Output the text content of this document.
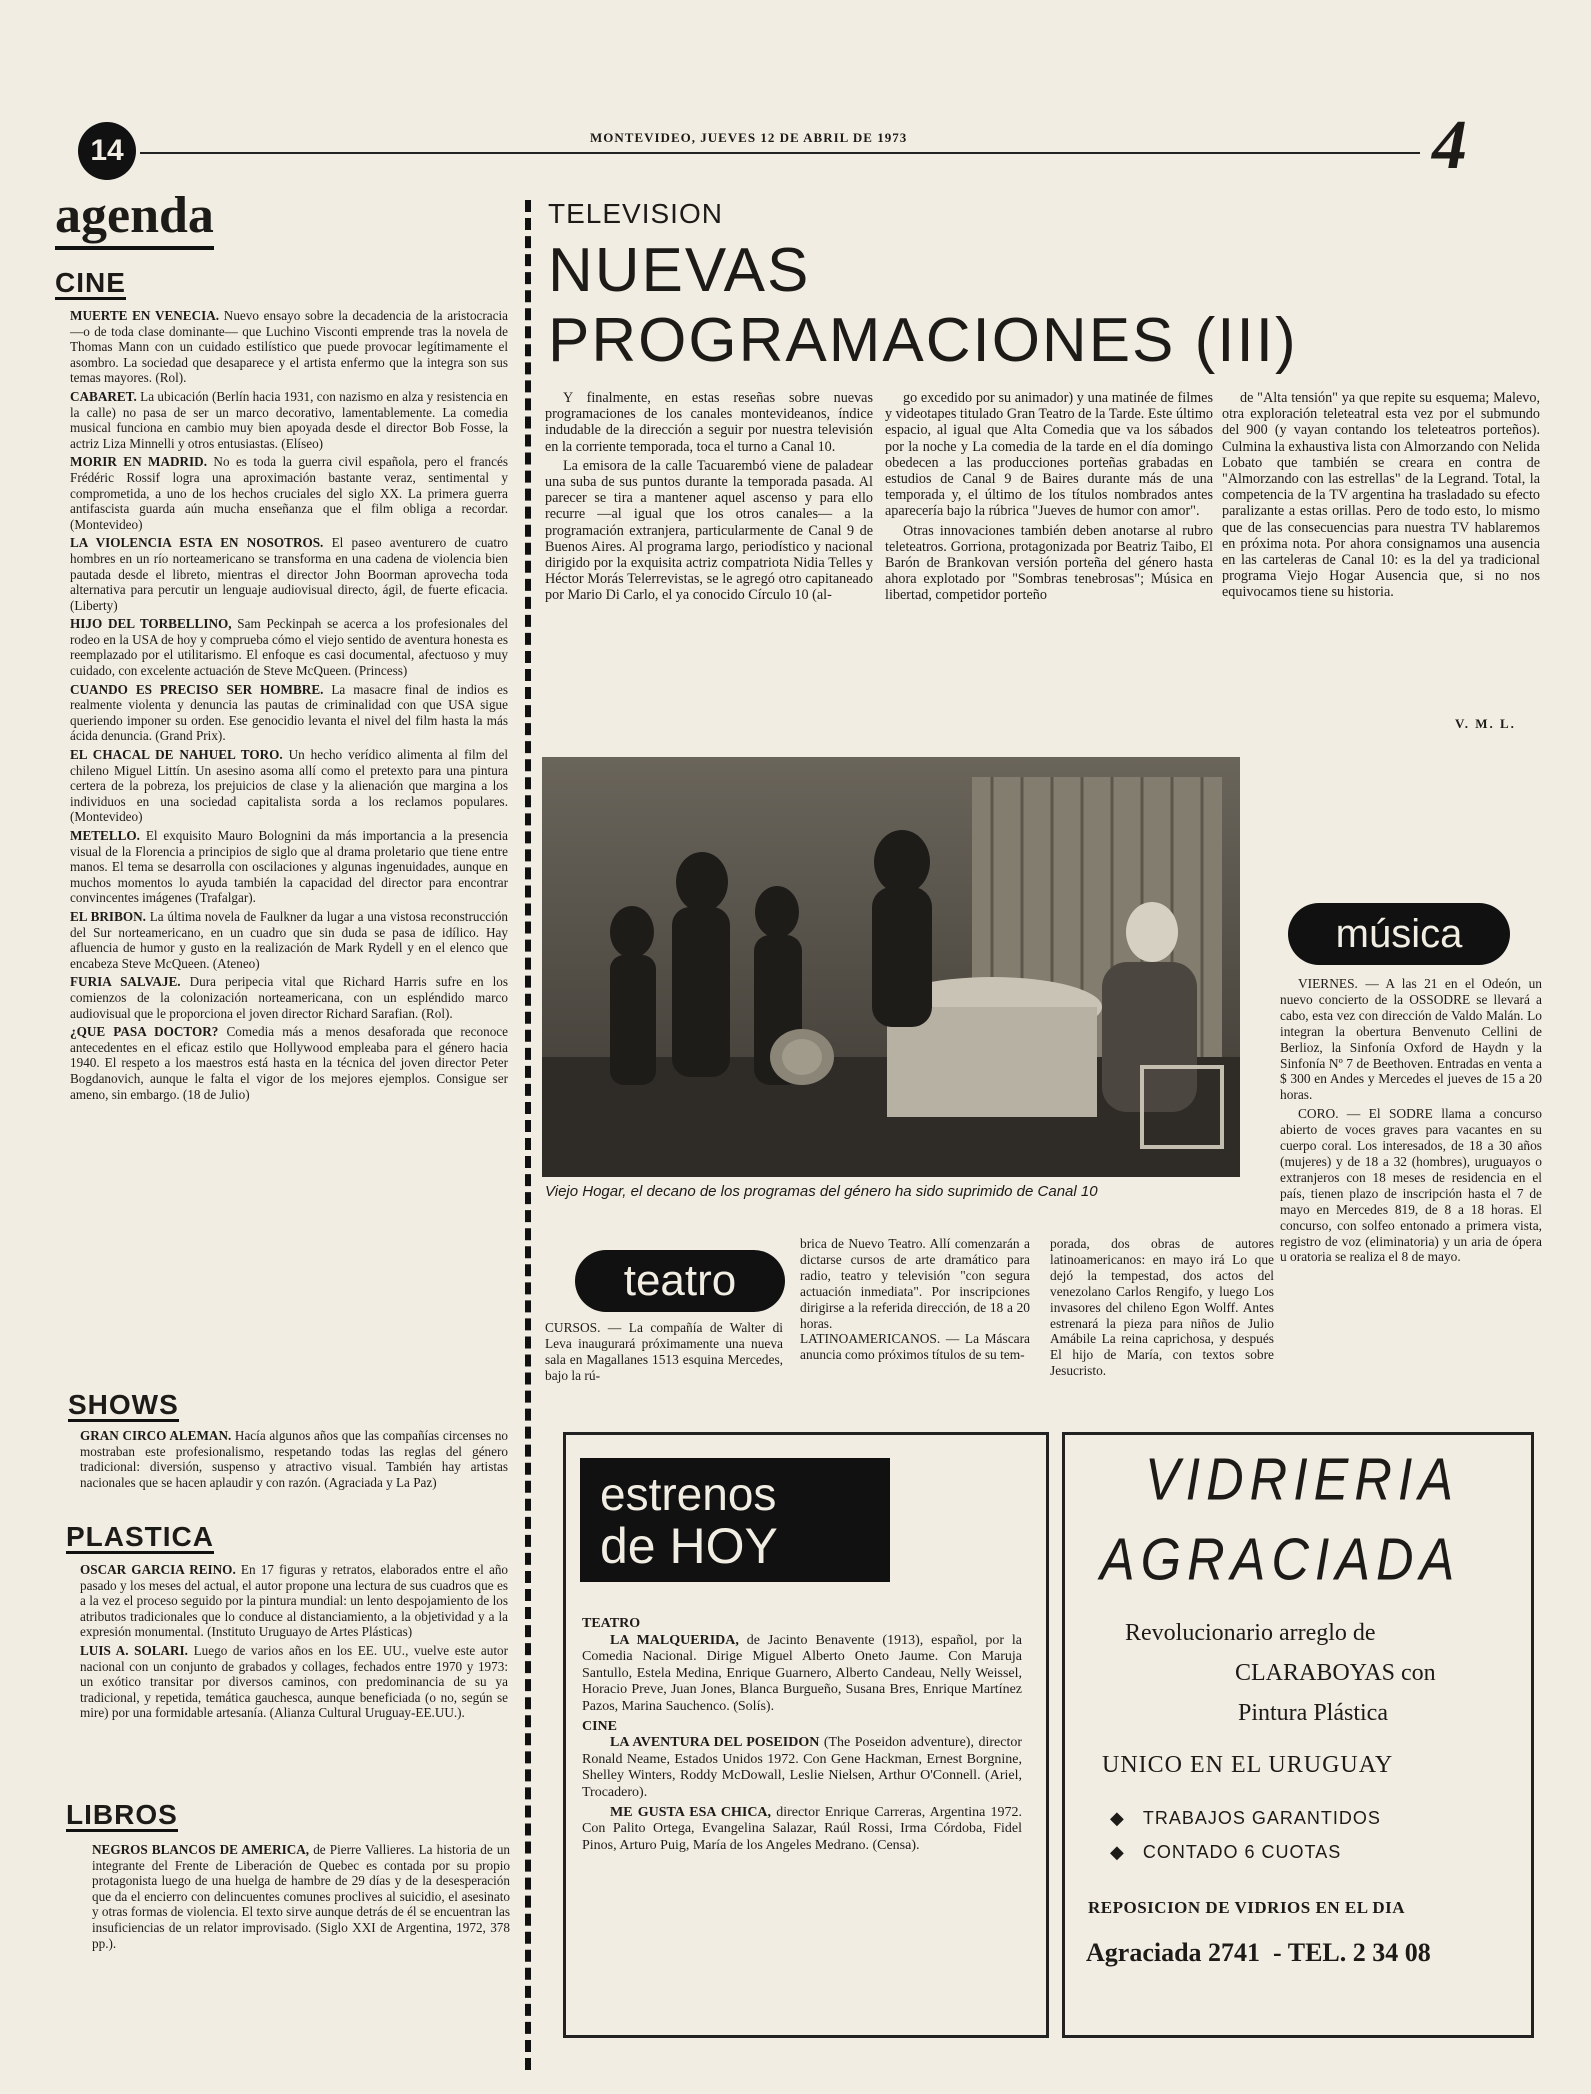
14	MONTEVIDEO, JUEVES 12 DE ABRIL DE 1973	4
agenda
CINE

MUERTE EN VENECIA. Nuevo ensayo sobre la decadencia de la aristocracia —o de toda clase dominante— que Luchino Visconti emprende tras la novela de Thomas Mann con un cuidado estilístico que puede provocar legítimamente el asombro. La sociedad que desaparece y el artista enfermo que la integra son sus temas mayores. (Rol).

CABARET. La ubicación (Berlín hacia 1931, con nazismo en alza y resistencia en la calle) no pasa de ser un marco decorativo, lamentablemente. La comedia musical funciona en cambio muy bien apoyada desde el director Bob Fosse, la actriz Liza Minnelli y otros entusiastas. (Elíseo)

MORIR EN MADRID. No es toda la guerra civil española, pero el francés Frédéric Rossif logra una aproximación bastante veraz, sentimental y comprometida, a uno de los hechos cruciales del siglo XX. La primera guerra antifascista guarda aún mucha enseñanza que el film obliga a recordar. (Montevideo)

LA VIOLENCIA ESTA EN NOSOTROS. El paseo aventurero de cuatro hombres en un río norteamericano se transforma en una cadena de violencia bien pautada desde el libreto, mientras el director John Boorman aprovecha toda alternativa para percutir un lenguaje audiovisual directo, ágil, de fuerte eficacia. (Liberty)

HIJO DEL TORBELLINO, Sam Peckinpah se acerca a los profesionales del rodeo en la USA de hoy y comprueba cómo el viejo sentido de aventura honesta es reemplazado por el utilitarismo. El enfoque es casi documental, afectuoso y muy cuidado, con excelente actuación de Steve McQueen. (Princess)

CUANDO ES PRECISO SER HOMBRE. La masacre final de indios es realmente violenta y denuncia las pautas de criminalidad con que USA sigue queriendo imponer su orden. Ese genocidio levanta el nivel del film hasta la más ácida denuncia. (Grand Prix).

EL CHACAL DE NAHUEL TORO. Un hecho verídico alimenta al film del chileno Miguel Littín. Un asesino asoma allí como el pretexto para una pintura certera de la pobreza, los prejuicios de clase y la alienación que margina a los individuos en una sociedad capitalista sorda a los reclamos populares. (Montevideo)

METELLO. El exquisito Mauro Bolognini da más importancia a la presencia visual de la Florencia a principios de siglo que al drama proletario que tiene entre manos. El tema se desarrolla con oscilaciones y algunas ingenuidades, aunque en muchos momentos lo ayuda también la capacidad del director para encontrar convincentes imágenes (Trafalgar).

EL BRIBON. La última novela de Faulkner da lugar a una vistosa reconstrucción del Sur norteamericano, en un cuadro que sin duda se pasa de idílico. Hay afluencia de humor y gusto en la realización de Mark Rydell y en el elenco que encabeza Steve McQueen. (Ateneo)

FURIA SALVAJE. Dura peripecia vital que Richard Harris sufre en los comienzos de la colonización norteamericana, con un espléndido marco audiovisual que le proporciona el joven director Richard Sarafian. (Rol).

¿QUE PASA DOCTOR? Comedia más a menos desaforada que reconoce antecedentes en el eficaz estilo que Hollywood empleaba para el género hacia 1940. El respeto a los maestros está hasta en la técnica del joven director Peter Bogdanovich, aunque le falta el vigor de los mejores ejemplos. Consigue ser ameno, sin embargo. (18 de Julio)

SHOWS

GRAN CIRCO ALEMAN. Hacía algunos años que las compañías circenses no mostraban este profesionalismo, respetando todas las reglas del género tradicional: diversión, suspenso y atractivo visual. También hay artistas nacionales que se hacen aplaudir y con razón. (Agraciada y La Paz)

PLASTICA

OSCAR GARCIA REINO. En 17 figuras y retratos, elaborados entre el año pasado y los meses del actual, el autor propone una lectura de sus cuadros que es a la vez el proceso seguido por la pintura mundial: un lento despojamiento de los atributos tradicionales que lo conduce al distanciamiento, a la objetividad y a la expresión monumental. (Instituto Uruguayo de Artes Plásticas)

LUIS A. SOLARI. Luego de varios años en los EE. UU., vuelve este autor nacional con un conjunto de grabados y collages, fechados entre 1970 y 1973: un exótico transitar por diversos caminos, con predominancia de su ya tradicional, y repetida, temática gauchesca, aunque beneficiada (o no, según se mire) por una formidable artesanía. (Alianza Cultural Uruguay-EE.UU.).

LIBROS

NEGROS BLANCOS DE AMERICA, de Pierre Vallieres. La historia de un integrante del Frente de Liberación de Quebec es contada por su propio protagonista luego de una huelga de hambre de 29 días y de la desesperación que da el encierro con delincuentes comunes proclives al suicidio, el asesinato y otras formas de violencia. El texto sirve aunque detrás de él se encuentran las insuficiencias de un relator improvisado. (Siglo XXI de Argentina, 1972, 378 pp.).

TELEVISION
NUEVAS
PROGRAMACIONES (III)

Y finalmente, en estas reseñas sobre nuevas programaciones de los canales montevideanos, índice indudable de la dirección a seguir por nuestra televisión en la corriente temporada, toca el turno a Canal 10.

La emisora de la calle Tacuarembó viene de paladear una suba de sus puntos durante la temporada pasada. Al parecer se tira a mantener aquel ascenso y para ello recurre —al igual que los otros canales— a la programación extranjera, particularmente de Canal 9 de Buenos Aires. Al programa largo, periodístico y nacional dirigido por la exquisita actriz compatriota Nidia Telles y Héctor Morás Telerrevistas, se le agregó otro capitaneado por Mario Di Carlo, el ya conocido Círculo 10 (al-

go excedido por su animador) y una matinée de filmes y videotapes titulado Gran Teatro de la Tarde. Este último espacio, al igual que Alta Comedia que va los sábados por la noche y La comedia de la tarde en el día domingo obedecen a las producciones porteñas grabadas en estudios de Canal 9 de Baires durante más de una temporada y, el último de los títulos nombrados antes aparecería bajo la rúbrica "Jueves de humor con amor".

Otras innovaciones también deben anotarse al rubro teleteatros. Gorriona, protagonizada por Beatriz Taibo, El Barón de Brankovan versión porteña del género hasta ahora explotado por "Sombras tenebrosas"; Música en libertad, competidor porteño

de "Alta tensión" ya que repite su esquema; Malevo, otra exploración teleteatral esta vez por el submundo del 900 (y vayan contando los teleteatros porteños). Culmina la exhaustiva lista con Almorzando con Nelida Lobato que también se creara en contra de "Almorzando con las estrellas" de la Legrand. Total, la competencia de la TV argentina ha trasladado su efecto paralizante a estas orillas. Pero de todo esto, lo mismo que de las consecuencias para nuestra TV hablaremos en próxima nota. Por ahora consignamos una ausencia en las carteleras de Canal 10: es la del ya tradicional programa Viejo Hogar Ausencia que, si no nos equivocamos tiene su historia.

V. M. L.
Viejo Hogar, el decano de los programas del género ha sido suprimido de Canal 10
música

VIERNES. — A las 21 en el Odeón, un nuevo concierto de la OSSODRE se llevará a cabo, esta vez con dirección de Valdo Malán. Lo integran la obertura Benvenuto Cellini de Berlioz, la Sinfonía Oxford de Haydn y la Sinfonía Nº 7 de Beethoven. Entradas en venta a $ 300 en Andes y Mercedes el jueves de 15 a 20 horas.

CORO. — El SODRE llama a concurso abierto de voces graves para vacantes en su cuerpo coral. Los interesados, de 18 a 30 años (mujeres) y de 18 a 32 (hombres), uruguayos o extranjeros con 18 meses de residencia en el país, tienen plazo de inscripción hasta el 7 de mayo en Mercedes 819, de 8 a 18 horas. El concurso, con solfeo entonado a primera vista, registro de voz (eliminatoria) y un aria de ópera u oratoria se realiza el 8 de mayo.

teatro
CURSOS. — La compañía de Walter di Leva inaugurará próximamente una nueva sala en Magallanes 1513 esquina Mercedes, bajo la rú-
brica de Nuevo Teatro. Allí comenzarán a dictarse cursos de arte dramático para radio, teatro y televisión "con segura actuación inmediata". Por inscripciones dirigirse a la referida dirección, de 18 a 20 horas.
LATINOAMERICANOS. — La Máscara anuncia como próximos títulos de su tem-
porada, dos obras de autores latinoamericanos: en mayo irá Lo que dejó la tempestad, dos actos del venezolano Carlos Rengifo, y luego Los invasores del chileno Egon Wolff. Antes estrenará la pieza para niños de Julio Amábile La reina caprichosa, y después El hijo de María, con textos sobre Jesucristo.
estrenos
de HOY
TEATRO

LA MALQUERIDA, de Jacinto Benavente (1913), español, por la Comedia Nacional. Dirige Miguel Alberto Oneto Jaume. Con Maruja Santullo, Estela Medina, Enrique Guarnero, Alberto Candeau, Nelly Weissel, Horacio Preve, Juan Jones, Blanca Burgueño, Susana Bres, Enrique Martínez Pazos, Marina Sauchenco. (Solís).

CINE

LA AVENTURA DEL POSEIDON (The Poseidon adventure), director Ronald Neame, Estados Unidos 1972. Con Gene Hackman, Ernest Borgnine, Shelley Winters, Roddy McDowall, Leslie Nielsen, Arthur O'Connell. (Ariel, Trocadero).

ME GUSTA ESA CHICA, director Enrique Carreras, Argentina 1972. Con Palito Ortega, Evangelina Salazar, Raúl Rossi, Irma Córdoba, Fidel Pinos, Arturo Puig, María de los Angeles Medrano. (Censa).

VIDRIERIA
AGRACIADA
Revolucionario arreglo de
CLARABOYAS con
Pintura Plástica
UNICO EN EL URUGUAY
◆ TRABAJOS GARANTIDOS
◆ CONTADO 6 CUOTAS
REPOSICION DE VIDRIOS EN EL DIA
Agraciada 2741 - TEL. 2 34 08
